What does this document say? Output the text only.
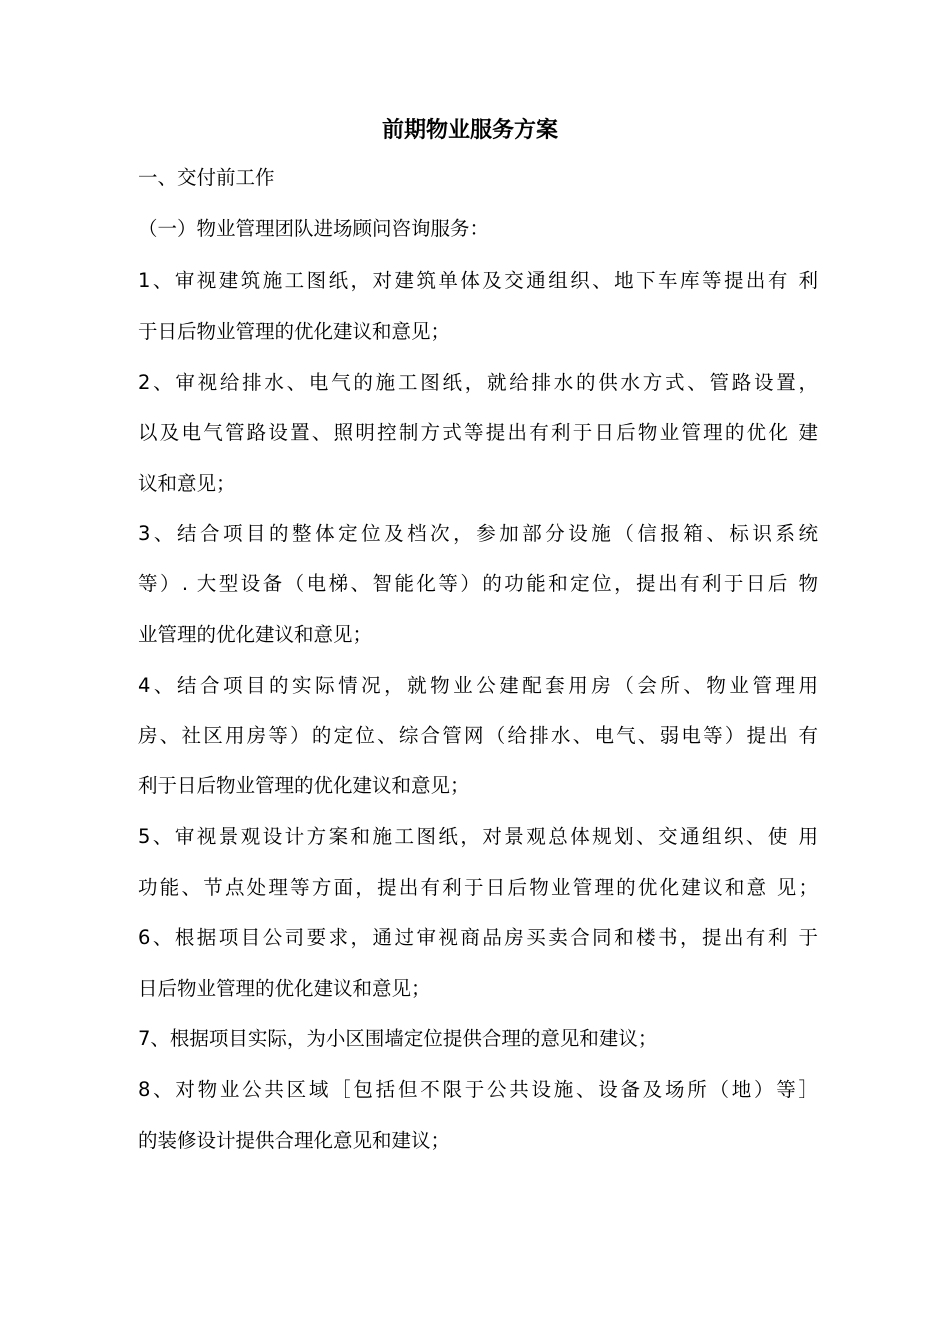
前期物业服务方案
一、交付前工作
（一）物业管理团队进场顾问咨询服务：
1、审视建筑施工图纸，对建筑单体及交通组织、地下车库等提出有 利
于日后物业管理的优化建议和意见；
2、审视给排水、电气的施工图纸，就给排水的供水方式、管路设置，
以及电气管路设置、照明控制方式等提出有利于日后物业管理的优化 建
议和意见；
3、结合项目的整体定位及档次，参加部分设施（信报箱、标识系统
等）. 大型设备（电梯、智能化等）的功能和定位，提出有利于日后 物
业管理的优化建议和意见；
4、结合项目的实际情况，就物业公建配套用房（会所、物业管理用
房、社区用房等）的定位、综合管网（给排水、电气、弱电等）提出 有
利于日后物业管理的优化建议和意见；
5、审视景观设计方案和施工图纸，对景观总体规划、交通组织、使 用
功能、节点处理等方面，提出有利于日后物业管理的优化建议和意 见；
6、根据项目公司要求，通过审视商品房买卖合同和楼书，提出有利 于
日后物业管理的优化建议和意见；
7、根据项目实际，为小区围墙定位提供合理的意见和建议；
8、对物业公共区域［包括但不限于公共设施、设备及场所（地）等］
的装修设计提供合理化意见和建议；
